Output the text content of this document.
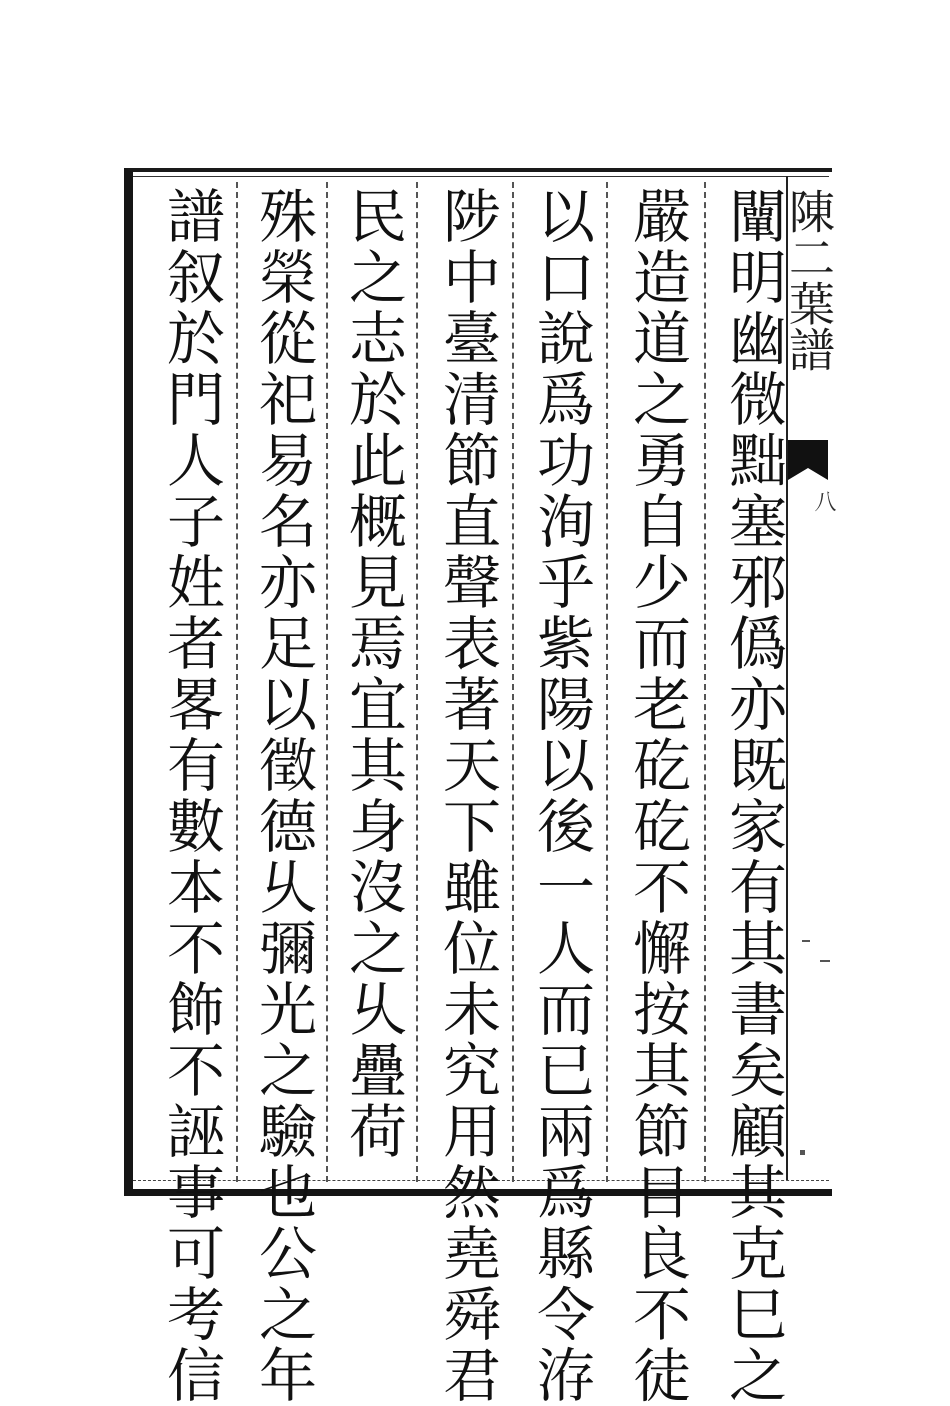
陳二葉譜
八
闡明幽微黜塞邪僞亦既家有其書矣顧其克巳之
嚴造道之勇自少而老矻矻不懈按其節目良不徒
以口說爲功洵乎紫陽以後一人而已兩爲縣令洊
陟中臺清節直聲表著天下雖位未究用然堯舜君
民之志於此概見焉宜其身沒之乆疊荷
殊榮從祀易名亦足以徵德乆彌光之驗也公之年
譜叙於門人子姓者畧有數本不飾不誣事可考信
